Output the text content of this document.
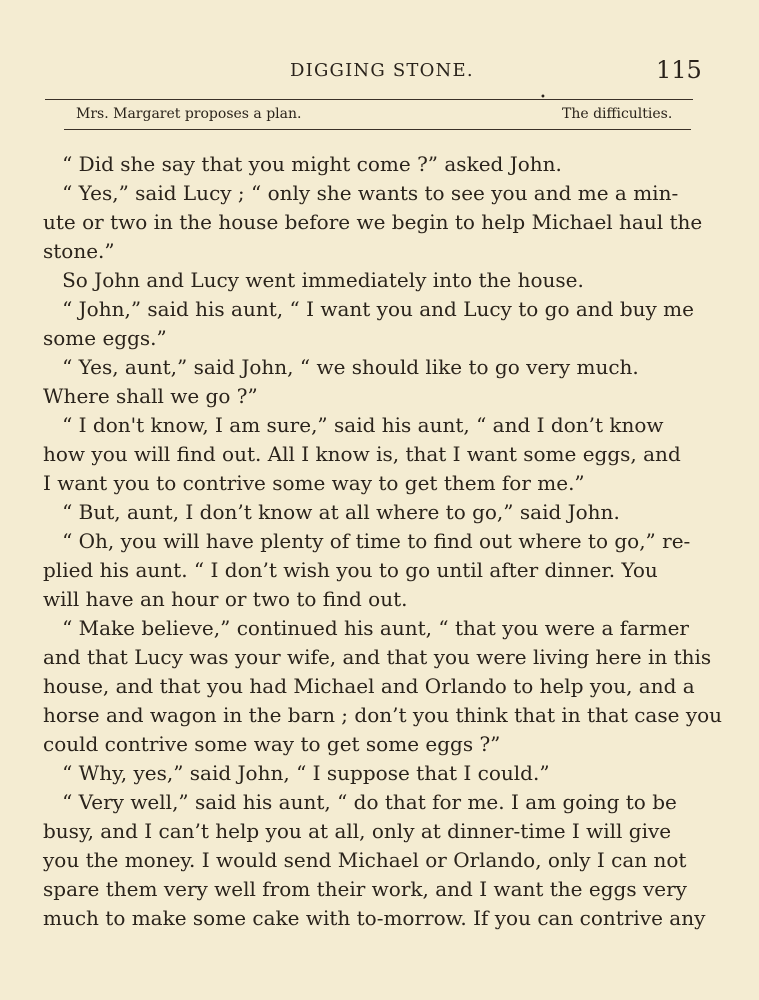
DIGGING STONE.	115
•
Mrs. Margaret proposes a plan.	The difficulties.
“ Did she say that you might come ?” asked John.
“ Yes,” said Lucy ; “ only she wants to see you and me a min-
ute or two in the house before we begin to help Michael haul the
stone.”
So John and Lucy went immediately into the house.
“ John,” said his aunt, “ I want you and Lucy to go and buy me
some eggs.”
“ Yes, aunt,” said John, “ we should like to go very much.
Where shall we go ?”
“ I don't know, I am sure,” said his aunt, “ and I don’t know
how you will find out. All I know is, that I want some eggs, and
I want you to contrive some way to get them for me.”
“ But, aunt, I don’t know at all where to go,” said John.
“ Oh, you will have plenty of time to find out where to go,” re-
plied his aunt. “ I don’t wish you to go until after dinner. You
will have an hour or two to find out.
“ Make believe,” continued his aunt, “ that you were a farmer
and that Lucy was your wife, and that you were living here in this
house, and that you had Michael and Orlando to help you, and a
horse and wagon in the barn ; don’t you think that in that case you
could contrive some way to get some eggs ?”
“ Why, yes,” said John, “ I suppose that I could.”
“ Very well,” said his aunt, “ do that for me. I am going to be
busy, and I can’t help you at all, only at dinner-time I will give
you the money. I would send Michael or Orlando, only I can not
spare them very well from their work, and I want the eggs very
much to make some cake with to-morrow. If you can contrive any
